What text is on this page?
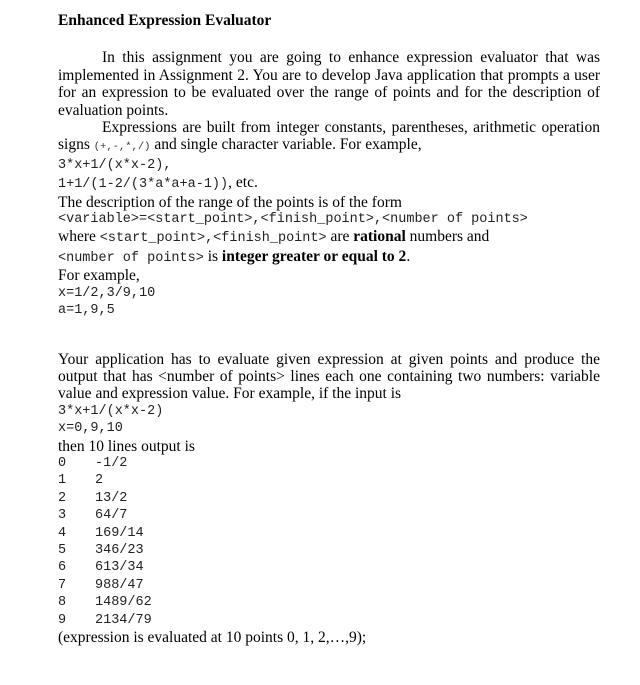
Enhanced Expression Evaluator

In this assignment you are going to enhance expression evaluator that was implemented in Assignment 2. You are to develop Java application that prompts a user for an expression to be evaluated over the range of points and for the description of evaluation points.

Expressions are built from integer constants, parentheses, arithmetic operation signs (+,-,*,/) and single character variable. For example,

3*x+1/(x*x-2),
1+1/(1-2/(3*a*a+a-1)), etc.
The description of the range of the points is of the form
<variable>=<start_point>,<finish_point>,<number of points>
where <start_point>,<finish_point> are rational numbers and
<number of points> is integer greater or equal to 2.
For example,
x=1/2,3/9,10
a=1,9,5

Your application has to evaluate given expression at given points and produce the output that has <number of points> lines each one containing two numbers: variable value and expression value. For example, if the input is

3*x+1/(x*x-2)
x=0,9,10
then 10 lines output is
0	-1/2
1	2
2	13/2
3	64/7
4	169/14
5	346/23
6	613/34
7	988/47
8	1489/62
9	2134/79
(expression is evaluated at 10 points 0, 1, 2,…,9);
